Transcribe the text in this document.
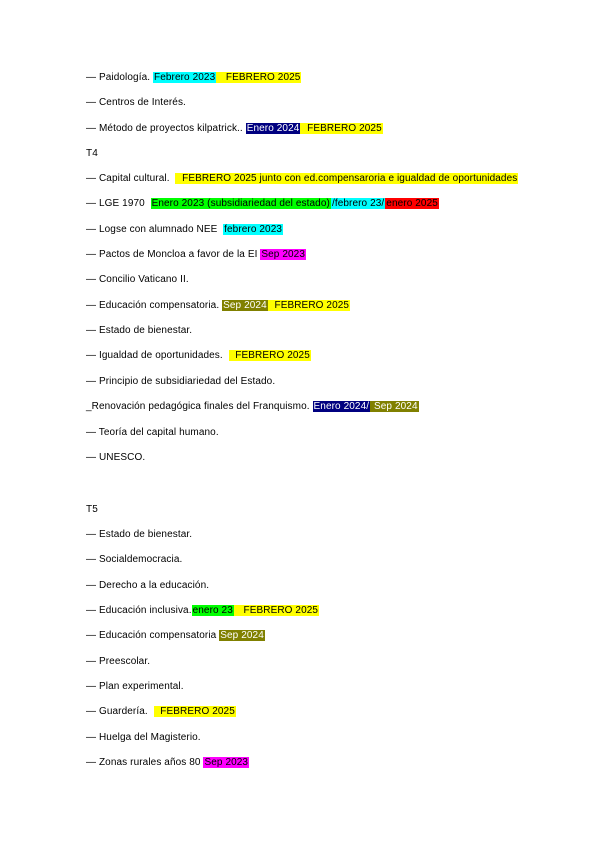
— Paidología. Febrero 2023   FEBRERO 2025
— Centros de Interés.
— Método de proyectos kilpatrick.. Enero 2024  FEBRERO 2025
T4
— Capital cultural.    FEBRERO 2025 junto con ed.compensaroria e igualdad de oportunidades
— LGE 1970  Enero 2023 (subsidiariedad del estado) /febrero 23/ enero 2025
— Logse con alumnado NEE  febrero 2023
— Pactos de Moncloa a favor de la EI Sep 2023
— Concilio Vaticano II.
— Educación compensatoria. Sep 2024  FEBRERO 2025
— Estado de bienestar.
— Igualdad de oportunidades.    FEBRERO 2025
— Principio de subsidiariedad del Estado.
_Renovación pedagógica finales del Franquismo. Enero 2024/ Sep 2024
— Teoría del capital humano.
— UNESCO.
T5
— Estado de bienestar.
— Socialdemocracia.
— Derecho a la educación.
— Educación inclusiva.enero 23   FEBRERO 2025
— Educación compensatoria Sep 2024
— Preescolar.
— Plan experimental.
— Guardería.    FEBRERO 2025
— Huelga del Magisterio.
— Zonas rurales años 80 Sep 2023
